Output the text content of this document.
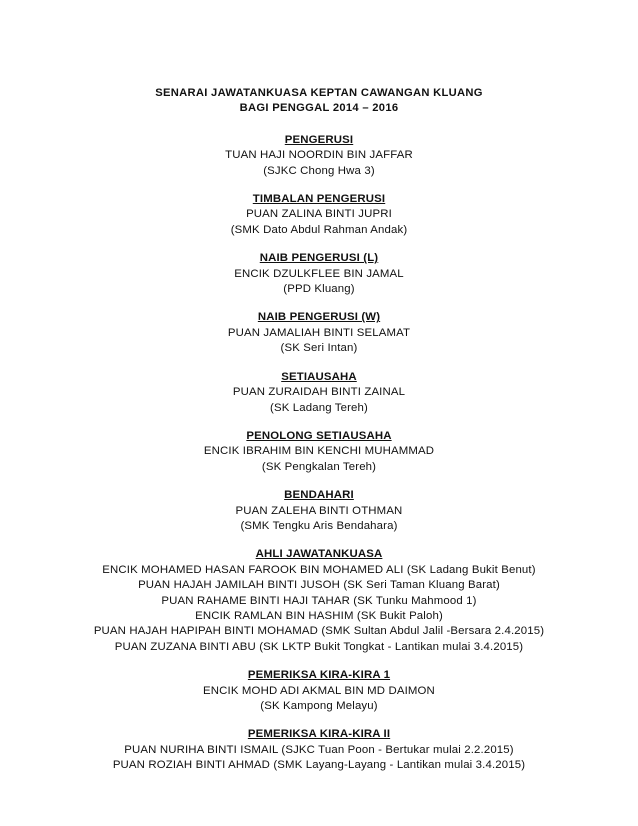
SENARAI JAWATANKUASA KEPTAN CAWANGAN KLUANG
BAGI PENGGAL 2014 – 2016
PENGERUSI
TUAN HAJI NOORDIN BIN JAFFAR
(SJKC Chong Hwa 3)
TIMBALAN PENGERUSI
PUAN ZALINA BINTI JUPRI
(SMK Dato Abdul Rahman Andak)
NAIB PENGERUSI (L)
ENCIK DZULKFLEE BIN JAMAL
(PPD Kluang)
NAIB PENGERUSI (W)
PUAN JAMALIAH BINTI SELAMAT
(SK Seri Intan)
SETIAUSAHA
PUAN ZURAIDAH BINTI ZAINAL
(SK Ladang Tereh)
PENOLONG SETIAUSAHA
ENCIK IBRAHIM BIN KENCHI MUHAMMAD
(SK Pengkalan Tereh)
BENDAHARI
PUAN ZALEHA BINTI OTHMAN
(SMK Tengku Aris Bendahara)
AHLI JAWATANKUASA
ENCIK MOHAMED HASAN FAROOK BIN MOHAMED ALI (SK Ladang Bukit Benut)
PUAN HAJAH JAMILAH BINTI JUSOH (SK Seri Taman Kluang Barat)
PUAN RAHAME BINTI HAJI TAHAR (SK Tunku Mahmood 1)
ENCIK RAMLAN BIN HASHIM (SK Bukit Paloh)
PUAN HAJAH HAPIPAH BINTI MOHAMAD (SMK Sultan Abdul Jalil -Bersara 2.4.2015)
PUAN ZUZANA BINTI ABU (SK LKTP Bukit Tongkat - Lantikan mulai 3.4.2015)
PEMERIKSA KIRA-KIRA 1
ENCIK MOHD ADI AKMAL BIN MD DAIMON
(SK Kampong Melayu)
PEMERIKSA KIRA-KIRA II
PUAN NURIHA BINTI ISMAIL (SJKC Tuan Poon - Bertukar mulai 2.2.2015)
PUAN ROZIAH BINTI AHMAD (SMK Layang-Layang - Lantikan mulai 3.4.2015)
